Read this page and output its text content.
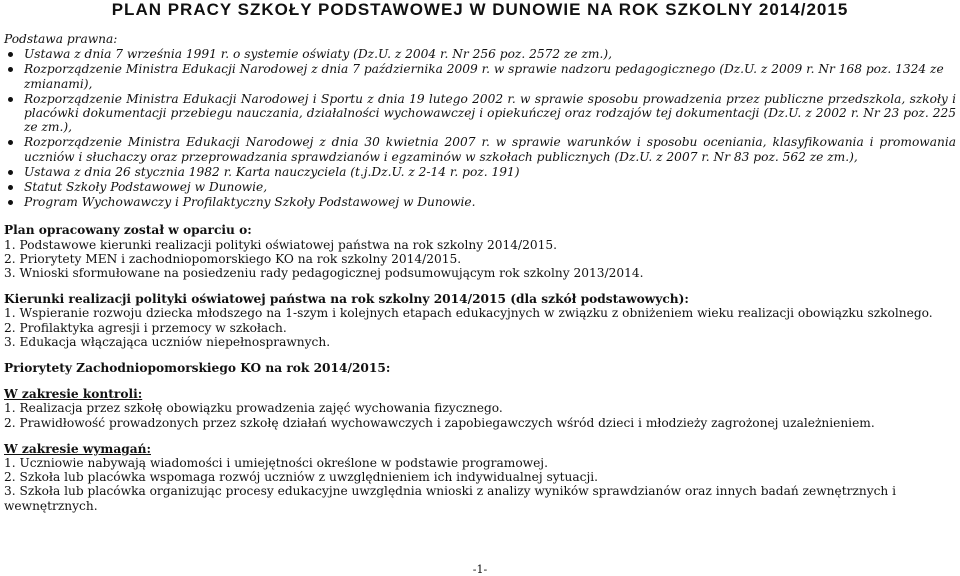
PLAN PRACY SZKOŁY PODSTAWOWEJ W DUNOWIE NA ROK SZKOLNY 2014/2015
Podstawa prawna:
Ustawa z dnia 7 września 1991 r. o systemie oświaty (Dz.U. z 2004 r. Nr 256 poz. 2572 ze zm.),
Rozporządzenie Ministra Edukacji Narodowej z dnia 7 października 2009 r. w sprawie nadzoru pedagogicznego (Dz.U. z 2009 r. Nr 168 poz. 1324 ze zmianami),
Rozporządzenie Ministra Edukacji Narodowej i Sportu z dnia 19 lutego 2002 r. w sprawie sposobu prowadzenia przez publiczne przedszkola, szkoły i placówki dokumentacji przebiegu nauczania, działalności wychowawczej i opiekuńczej oraz rodzajów tej dokumentacji (Dz.U. z 2002 r. Nr 23 poz. 225 ze zm.),
Rozporządzenie Ministra Edukacji Narodowej z dnia 30 kwietnia 2007 r. w sprawie warunków i sposobu oceniania, klasyfikowania i promowania uczniów i słuchaczy oraz przeprowadzania sprawdzianów i egzaminów w szkołach publicznych (Dz.U. z 2007 r. Nr 83 poz. 562 ze zm.),
Ustawa z dnia 26 stycznia 1982 r. Karta nauczyciela (t.j.Dz.U. z 2-14 r. poz. 191)
Statut Szkoły Podstawowej w Dunowie,
Program Wychowawczy i Profilaktyczny Szkoły Podstawowej w Dunowie.

Plan opracowany został w oparciu o:

1. Podstawowe kierunki realizacji polityki oświatowej państwa na rok szkolny 2014/2015.

2. Priorytety MEN i zachodniopomorskiego KO na rok szkolny 2014/2015.

3. Wnioski sformułowane na posiedzeniu rady pedagogicznej podsumowującym rok szkolny 2013/2014.

Kierunki realizacji polityki oświatowej państwa na rok szkolny 2014/2015 (dla szkół podstawowych):

1. Wspieranie rozwoju dziecka młodszego na 1-szym i kolejnych etapach edukacyjnych w związku z obniżeniem wieku realizacji obowiązku szkolnego.

2. Profilaktyka agresji i przemocy w szkołach.

3. Edukacja włączająca uczniów niepełnosprawnych.

Priorytety Zachodniopomorskiego KO na rok 2014/2015:

W zakresie kontroli:

1. Realizacja przez szkołę obowiązku prowadzenia zajęć wychowania fizycznego.

2. Prawidłowość prowadzonych przez szkołę działań wychowawczych i zapobiegawczych wśród dzieci i młodzieży zagrożonej uzależnieniem.

W zakresie wymagań:

1. Uczniowie nabywają wiadomości i umiejętności określone w podstawie programowej.

2. Szkoła lub placówka wspomaga rozwój uczniów z uwzględnieniem ich indywidualnej sytuacji.

3. Szkoła lub placówka organizując procesy edukacyjne uwzględnia wnioski z analizy wyników sprawdzianów oraz innych badań zewnętrznych i wewnętrznych.

-1-
